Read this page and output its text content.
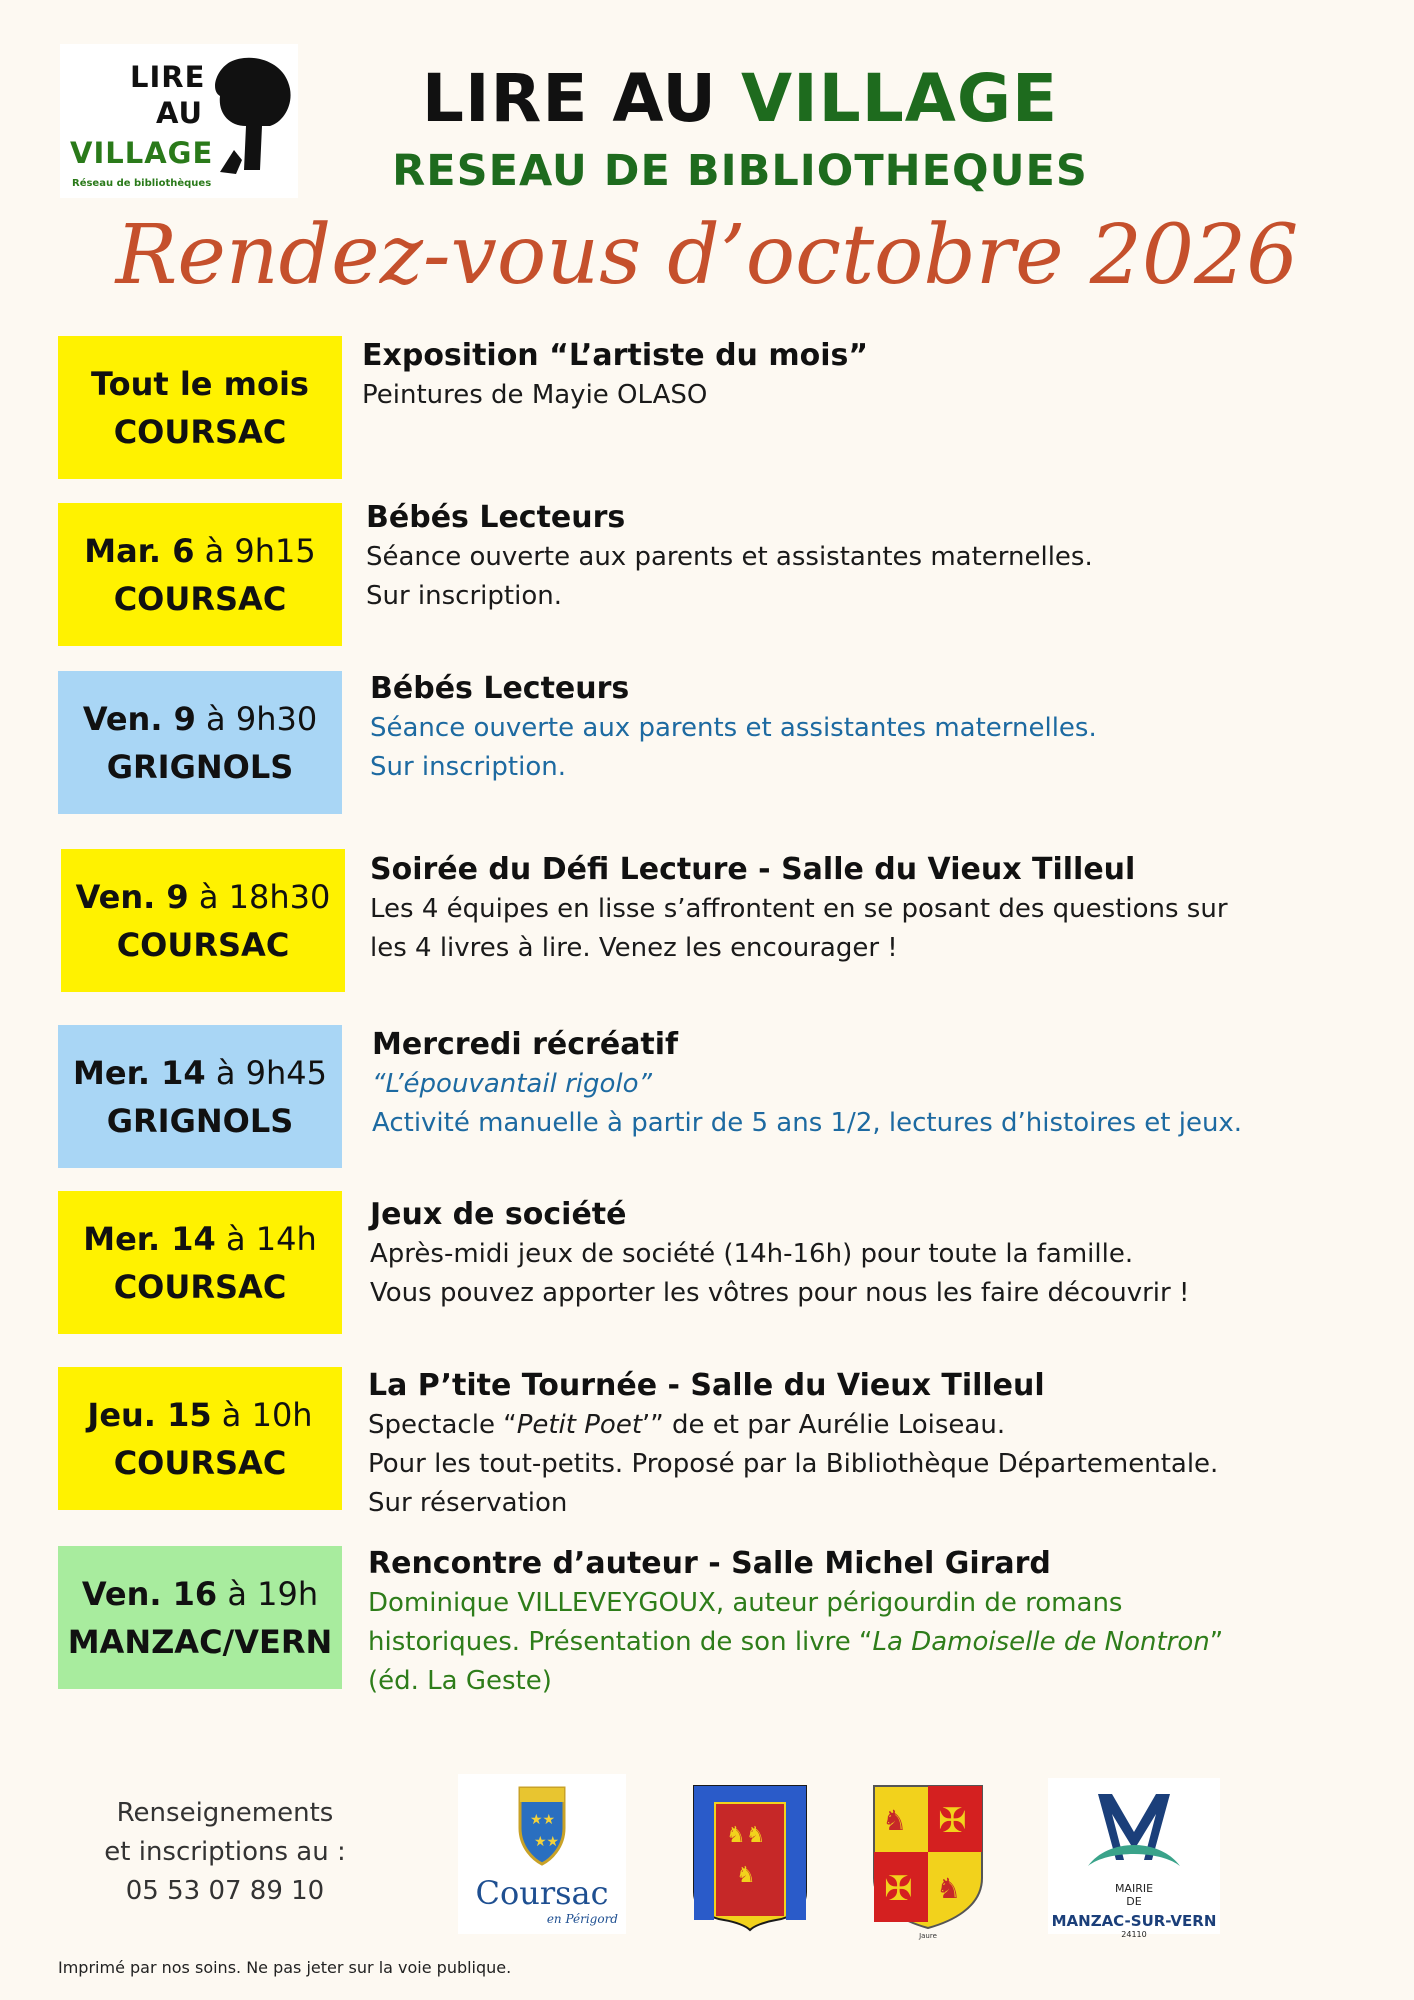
LIRE
AU
VILLAGE
Réseau de bibliothèques
LIRE AU VILLAGE
RESEAU DE BIBLIOTHEQUES
Rendez-vous d’octobre 2026
Tout le mois
COURSAC
Exposition “L’artiste du mois”
Peintures de Mayie OLASO
Mar. 6 à 9h15
COURSAC
Bébés Lecteurs
Séance ouverte aux parents et assistantes maternelles.
Sur inscription.
Ven. 9 à 9h30
GRIGNOLS
Bébés Lecteurs
Séance ouverte aux parents et assistantes maternelles.
Sur inscription.
Ven. 9 à 18h30
COURSAC
Soirée du Défi Lecture - Salle du Vieux Tilleul
Les 4 équipes en lisse s’affrontent en se posant des questions sur
les 4 livres à lire. Venez les encourager !
Mer. 14 à 9h45
GRIGNOLS
Mercredi récréatif
“L’épouvantail rigolo”
Activité manuelle à partir de 5 ans 1/2, lectures d’histoires et jeux.
Mer. 14 à 14h
COURSAC
Jeux de société
Après-midi jeux de société (14h-16h) pour toute la famille.
Vous pouvez apporter les vôtres pour nous les faire découvrir !
Jeu. 15 à 10h
COURSAC
La P’tite Tournée - Salle du Vieux Tilleul
Spectacle “Petit Poet’” de et par Aurélie Loiseau.
Pour les tout-petits. Proposé par la Bibliothèque Départementale.
Sur réservation
Ven. 16 à 19h
MANZAC/VERN
Rencontre d’auteur - Salle Michel Girard
Dominique VILLEVEYGOUX, auteur périgourdin de romans
historiques. Présentation de son livre “La Damoiselle de Nontron”
(éd. La Geste)
Renseignements
et inscriptions au :
05 53 07 89 10
★★
★★
Coursac
en Périgord
♞♞
♞
✠
✠
♞
♞
Jaure
MAIRIE
DE
MANZAC-SUR-VERN
24110
Imprimé par nos soins. Ne pas jeter sur la voie publique.
